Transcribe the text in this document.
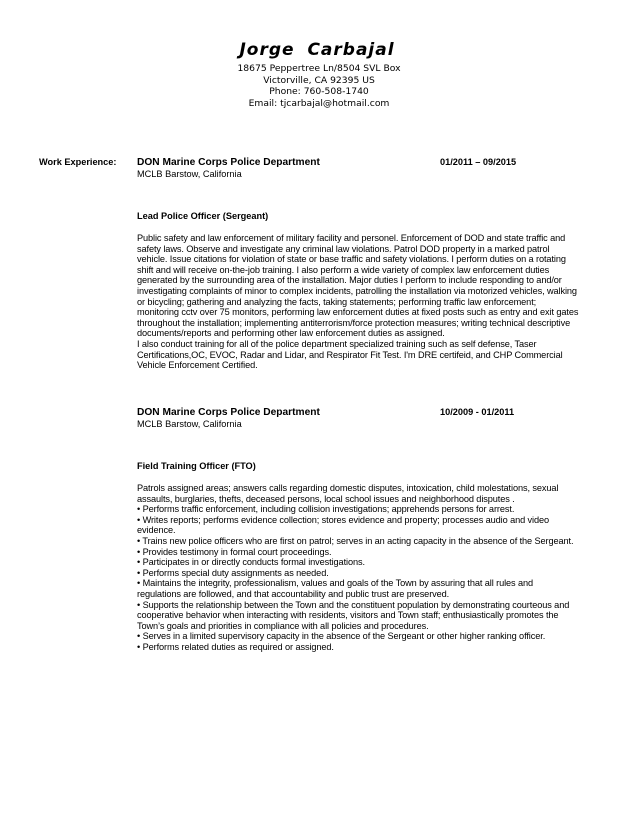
Jorge Carbajal
18675 Peppertree Ln/8504 SVL Box
Victorville, CA 92395 US
Phone: 760-508-1740
Email: tjcarbajal@hotmail.com
Work Experience: DON Marine Corps Police Department
MCLB Barstow, California
01/2011 – 09/2015
Lead Police Officer (Sergeant)

Public safety and law enforcement of military facility and personel. Enforcement of DOD and state traffic and

safety laws. Observe and investigate any criminal law violations. Patrol DOD property in a marked patrol

vehicle. Issue citations for violation of state or base traffic and safety violations. I perform duties on a rotating

shift and will receive on-the-job training. I also perform a wide variety of complex law enforcement duties

generated by the surrounding area of the installation. Major duties I perform to include responding to and/or

investigating complaints of minor to complex incidents, patrolling the installation via motorized vehicles, walking

or bicycling; gathering and analyzing the facts, taking statements; performing traffic law enforcement;

monitoring cctv over 75 monitors, performing law enforcement duties at fixed posts such as entry and exit gates

throughout the installation; implementing antiterrorism/force protection measures; writing technical descriptive

documents/reports and performing other law enforcement duties as assigned.

I also conduct training for all of the police department specialized training such as self defense, Taser

Certifications,OC, EVOC, Radar and Lidar, and Respirator Fit Test. I'm DRE certifeid, and CHP Commercial

Vehicle Enforcement Certified.

DON Marine Corps Police Department
MCLB Barstow, California
10/2009 - 01/2011
Field Training Officer (FTO)

Patrols assigned areas; answers calls regarding domestic disputes, intoxication, child molestations, sexual

assaults, burglaries, thefts, deceased persons, local school issues and neighborhood disputes .

• Performs traffic enforcement, including collision investigations; apprehends persons for arrest.

• Writes reports; performs evidence collection; stores evidence and property; processes audio and video

evidence.

• Trains new police officers who are first on patrol; serves in an acting capacity in the absence of the Sergeant.

• Provides testimony in formal court proceedings.

• Participates in or directly conducts formal investigations.

• Performs special duty assignments as needed.

• Maintains the integrity, professionalism, values and goals of the Town by assuring that all rules and

regulations are followed, and that accountability and public trust are preserved.

• Supports the relationship between the Town and the constituent population by demonstrating courteous and

cooperative behavior when interacting with residents, visitors and Town staff; enthusiastically promotes the

Town’s goals and priorities in compliance with all policies and procedures.

• Serves in a limited supervisory capacity in the absence of the Sergeant or other higher ranking officer.

• Performs related duties as required or assigned.
